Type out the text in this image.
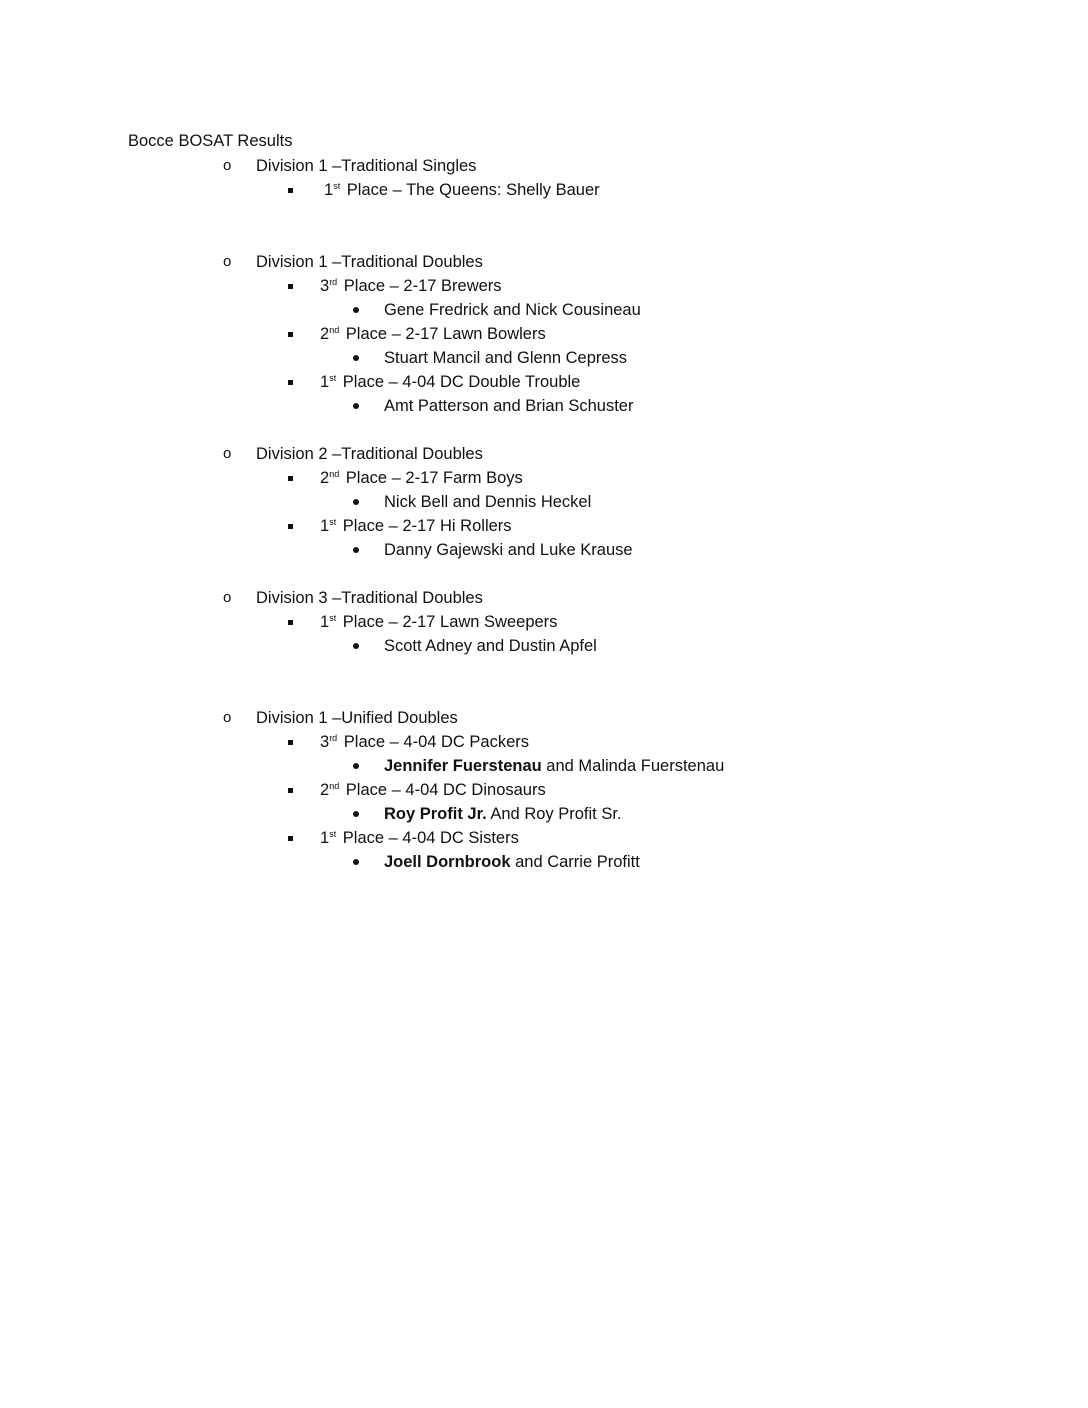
Bocce BOSAT Results
o Division 1 –Traditional Singles
1st Place – The Queens: Shelly Bauer
o Division 1 –Traditional Doubles
3rd Place – 2-17 Brewers
Gene Fredrick and Nick Cousineau
2nd Place – 2-17 Lawn Bowlers
Stuart Mancil and Glenn Cepress
1st Place – 4-04 DC Double Trouble
Amt Patterson and Brian Schuster
o Division 2 –Traditional Doubles
2nd Place – 2-17 Farm Boys
Nick Bell and Dennis Heckel
1st Place – 2-17 Hi Rollers
Danny Gajewski and Luke Krause
o Division 3 –Traditional Doubles
1st Place – 2-17 Lawn Sweepers
Scott Adney and Dustin Apfel
o Division 1 –Unified Doubles
3rd Place – 4-04 DC Packers
Jennifer Fuerstenau and Malinda Fuerstenau
2nd Place – 4-04 DC Dinosaurs
Roy Profit Jr. And Roy Profit Sr.
1st Place – 4-04 DC Sisters
Joell Dornbrook and Carrie Profitt
